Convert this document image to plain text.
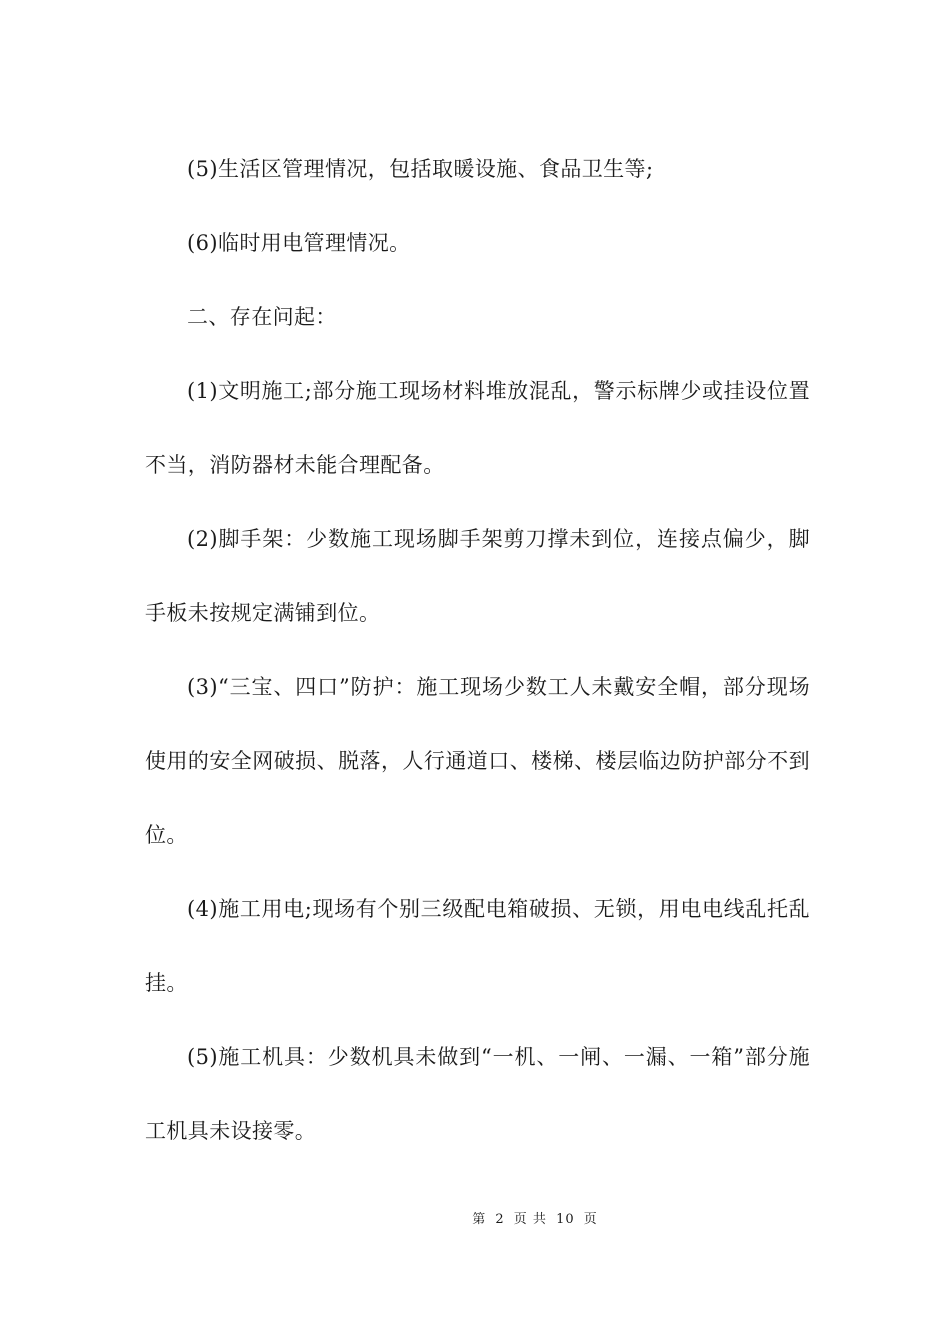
(5)生活区管理情况，包括取暖设施、食品卫生等;

(6)临时用电管理情况。

二、存在问起：

(1)文明施工;部分施工现场材料堆放混乱，警示标牌少或挂设位置不当，消防器材未能合理配备。

(2)脚手架：少数施工现场脚手架剪刀撑未到位，连接点偏少，脚手板未按规定满铺到位。

(3)“三宝、四口”防护：施工现场少数工人未戴安全帽，部分现场使用的安全网破损、脱落，人行通道口、楼梯、楼层临边防护部分不到位。

(4)施工用电;现场有个别三级配电箱破损、无锁，用电电线乱托乱挂。

(5)施工机具：少数机具未做到“一机、一闸、一漏、一箱”部分施工机具未设接零。

第 2 页 共 10 页
